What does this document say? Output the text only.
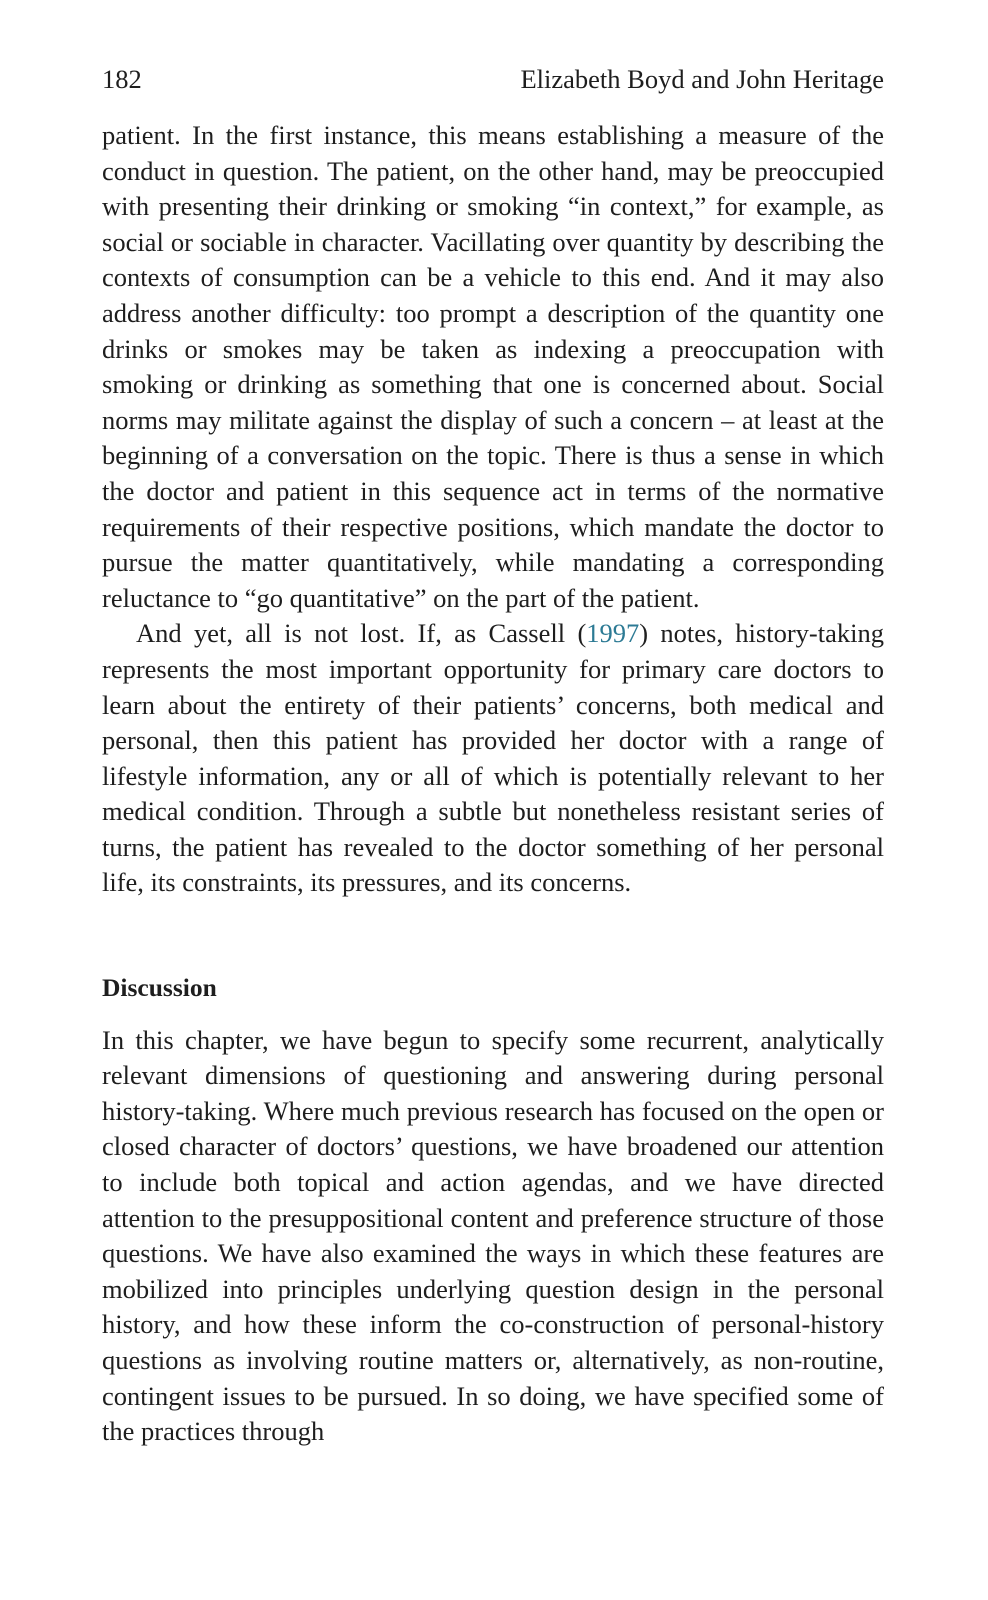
182	Elizabeth Boyd and John Heritage

patient. In the first instance, this means establishing a measure of the conduct in question. The patient, on the other hand, may be preoccupied with presenting their drinking or smoking “in context,” for example, as social or sociable in character. Vacillating over quantity by describing the contexts of consumption can be a vehicle to this end. And it may also address another difficulty: too prompt a description of the quantity one drinks or smokes may be taken as indexing a preoccupation with smoking or drinking as something that one is concerned about. Social norms may militate against the display of such a concern – at least at the beginning of a conversation on the topic. There is thus a sense in which the doctor and patient in this sequence act in terms of the normative requirements of their respective positions, which mandate the doctor to pursue the matter quantitatively, while mandating a corresponding reluctance to “go quantitative” on the part of the patient.

And yet, all is not lost. If, as Cassell (1997) notes, history-taking represents the most important opportunity for primary care doctors to learn about the entirety of their patients’ concerns, both medical and personal, then this patient has provided her doctor with a range of lifestyle information, any or all of which is potentially relevant to her medical condition. Through a subtle but nonetheless resistant series of turns, the patient has revealed to the doctor something of her personal life, its constraints, its pressures, and its concerns.

Discussion

In this chapter, we have begun to specify some recurrent, analytically relevant dimensions of questioning and answering during personal history-taking. Where much previous research has focused on the open or closed character of doctors’ questions, we have broadened our attention to include both topical and action agendas, and we have directed attention to the presuppositional content and preference structure of those questions. We have also examined the ways in which these features are mobilized into principles underlying question design in the personal history, and how these inform the co-construction of personal-history questions as involving routine matters or, alternatively, as non-routine, contingent issues to be pursued. In so doing, we have specified some of the practices through
